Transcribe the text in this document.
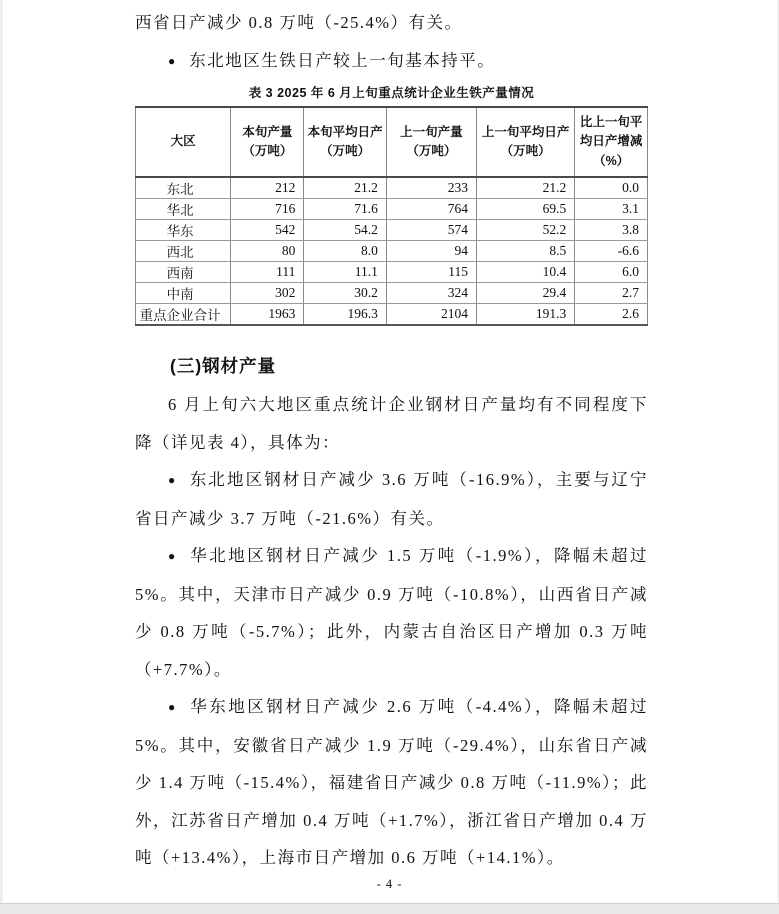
西省日产减少 0.8 万吨（-25.4%）有关。

● 东北地区生铁日产较上一旬基本持平。

表 3 2025 年 6 月上旬重点统计企业生铁产量情况
大区	本旬产量（万吨）	本旬平均日产（万吨）	上一旬产量（万吨）	上一旬平均日产（万吨）	比上一旬平均日产增减（%）
东北	212	21.2	233	21.2	0.0
华北	716	71.6	764	69.5	3.1
华东	542	54.2	574	52.2	3.8
西北	80	8.0	94	8.5	-6.6
西南	111	11.1	115	10.4	6.0
中南	302	30.2	324	29.4	2.7
重点企业合计	1963	196.3	2104	191.3	2.6
(三)钢材产量

6 月上旬六大地区重点统计企业钢材日产量均有不同程度下降（详见表 4），具体为：

● 东北地区钢材日产减少 3.6 万吨（-16.9%），主要与辽宁省日产减少 3.7 万吨（-21.6%）有关。

● 华北地区钢材日产减少 1.5 万吨（-1.9%），降幅未超过 5%。其中，天津市日产减少 0.9 万吨（-10.8%），山西省日产减少 0.8 万吨（-5.7%）；此外，内蒙古自治区日产增加 0.3 万吨（+7.7%）。

● 华东地区钢材日产减少 2.6 万吨（-4.4%），降幅未超过 5%。其中，安徽省日产减少 1.9 万吨（-29.4%），山东省日产减少 1.4 万吨（-15.4%），福建省日产减少 0.8 万吨（-11.9%）；此外，江苏省日产增加 0.4 万吨（+1.7%），浙江省日产增加 0.4 万吨（+13.4%），上海市日产增加 0.6 万吨（+14.1%）。

- 4 -
